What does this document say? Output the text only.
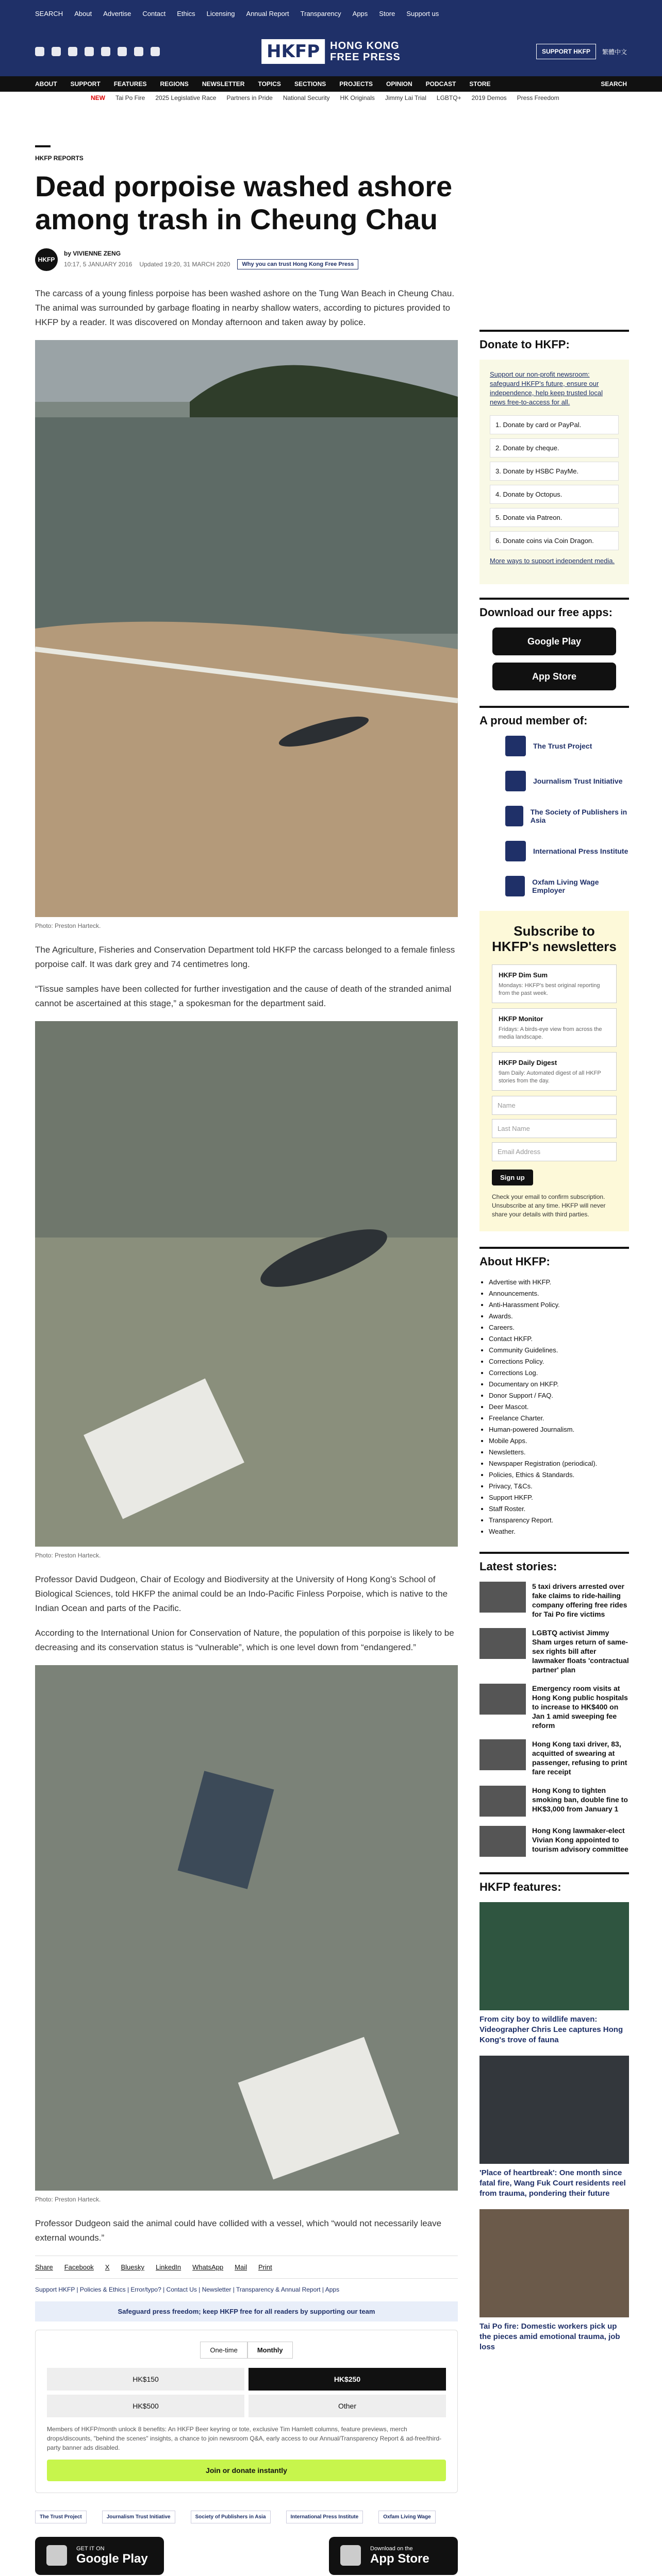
SEARCH About Advertise Contact Ethics Licensing Annual Report Transparency Apps Store Support us
HKFP	HONG KONG
FREE PRESS	SUPPORT HKFP	繁體中文
ABOUT SUPPORT FEATURES REGIONS NEWSLETTER TOPICS SECTIONS PROJECTS OPINION PODCAST STORE	SEARCH
NEW Tai Po Fire 2025 Legislative Race Partners in Pride National Security HK Originals Jimmy Lai Trial LGBTQ+ 2019 Demos Press Freedom
HKFP REPORTS
Dead porpoise washed ashore among trash in Cheung Chau
HKFP
by VIVIENNE ZENG
10:17, 5 JANUARY 2016 Updated 19:20, 31 MARCH 2020	Why you can trust Hong Kong Free Press

The carcass of a young finless porpoise has been washed ashore on the Tung Wan Beach in Cheung Chau. The animal was surrounded by garbage floating in nearby shallow waters, according to pictures provided to HKFP by a reader. It was discovered on Monday afternoon and taken away by police.

Photo: Preston Harteck.

The Agriculture, Fisheries and Conservation Department told HKFP the carcass belonged to a female finless porpoise calf. It was dark grey and 74 centimetres long.

“Tissue samples have been collected for further investigation and the cause of death of the stranded animal cannot be ascertained at this stage,” a spokesman for the department said.

Photo: Preston Harteck.

Professor David Dudgeon, Chair of Ecology and Biodiversity at the University of Hong Kong’s School of Biological Sciences, told HKFP the animal could be an Indo-Pacific Finless Porpoise, which is native to the Indian Ocean and parts of the Pacific.

According to the International Union for Conservation of Nature, the population of this porpoise is likely to be decreasing and its conservation status is “vulnerable”, which is one level down from “endangered.”

Photo: Preston Harteck.

Professor Dudgeon said the animal could have collided with a vessel, which “would not necessarily leave external wounds.”

Share Facebook X Bluesky LinkedIn WhatsApp Mail Print
Support HKFP | Policies & Ethics | Error/typo? | Contact Us | Newsletter | Transparency & Annual Report | Apps
Safeguard press freedom; keep HKFP free for all readers by supporting our team
One-time	Monthly
HK$150	HK$250
HK$500	Other
Members of HKFP/month unlock 8 benefits: An HKFP Beer keyring or tote, exclusive Tim Hamlett columns, feature previews, merch drops/discounts, "behind the scenes" insights, a chance to join newsroom Q&A, early access to our Annual/Transparency Report & ad-free/third-party banner ads disabled.
Join or donate instantly
The Trust Project	Journalism Trust Initiative	Society of Publishers in Asia	International Press Institute	Oxfam Living Wage
GET IT ON
Google Play
Download on the
App Store
Donate to HKFP:
Support our non-profit newsroom: safeguard HKFP's future, ensure our independence, help keep trusted local news free-to-access for all.
1. Donate by card or PayPal.
2. Donate by cheque.
3. Donate by HSBC PayMe.
4. Donate by Octopus.
5. Donate via Patreon.
6. Donate coins via Coin Dragon.
More ways to support independent media.
Download our free apps:
Google Play
App Store
A proud member of:
The Trust Project
Journalism Trust Initiative
The Society of Publishers in Asia
International Press Institute
Oxfam Living Wage Employer
Subscribe to HKFP's newsletters
HKFP Dim Sum
Mondays: HKFP's best original reporting from the past week.
HKFP Monitor
Fridays: A birds-eye view from across the media landscape.
HKFP Daily Digest
9am Daily: Automated digest of all HKFP stories from the day.
Name
Last Name
Email Address
Sign up
Check your email to confirm subscription. Unsubscribe at any time. HKFP will never share your details with third parties.
About HKFP:
• Advertise with HKFP.
• Announcements.
• Anti-Harassment Policy.
• Awards.
• Careers.
• Contact HKFP.
• Community Guidelines.
• Corrections Policy.
• Corrections Log.
• Documentary on HKFP.
• Donor Support / FAQ.
• Deer Mascot.
• Freelance Charter.
• Human-powered Journalism.
• Mobile Apps.
• Newsletters.
• Newspaper Registration (periodical).
• Policies, Ethics & Standards.
• Privacy, T&Cs.
• Support HKFP.
• Staff Roster.
• Transparency Report.
• Weather.
Latest stories:
5 taxi drivers arrested over fake claims to ride-hailing company offering free rides for Tai Po fire victims
LGBTQ activist Jimmy Sham urges return of same-sex rights bill after lawmaker floats 'contractual partner' plan
Emergency room visits at Hong Kong public hospitals to increase to HK$400 on Jan 1 amid sweeping fee reform
Hong Kong taxi driver, 83, acquitted of swearing at passenger, refusing to print fare receipt
Hong Kong to tighten smoking ban, double fine to HK$3,000 from January 1
Hong Kong lawmaker-elect Vivian Kong appointed to tourism advisory committee
HKFP features:
From city boy to wildlife maven: Videographer Chris Lee captures Hong Kong's trove of fauna
'Place of heartbreak': One month since fatal fire, Wang Fuk Court residents reel from trauma, pondering their future
Tai Po fire: Domestic workers pick up the pieces amid emotional trauma, job loss
